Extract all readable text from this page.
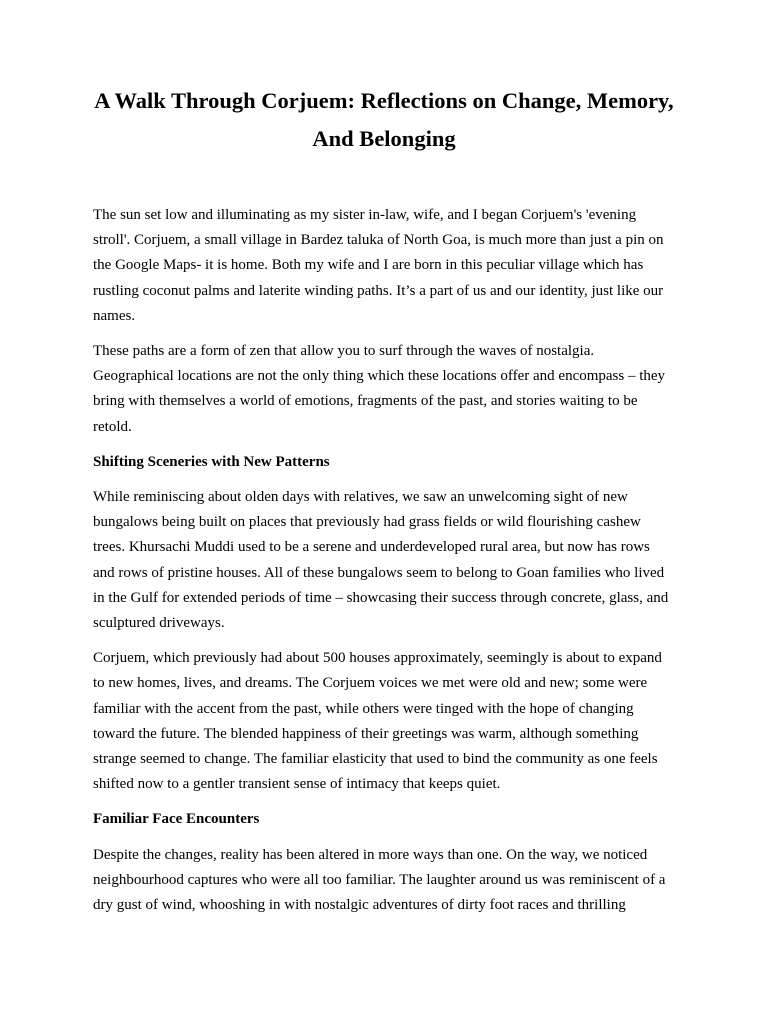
A Walk Through Corjuem: Reflections on Change, Memory, And Belonging

The sun set low and illuminating as my sister in-law, wife, and I began Corjuem's 'evening stroll'. Corjuem, a small village in Bardez taluka of North Goa, is much more than just a pin on the Google Maps- it is home. Both my wife and I are born in this peculiar village which has rustling coconut palms and laterite winding paths. It’s a part of us and our identity, just like our names.

These paths are a form of zen that allow you to surf through the waves of nostalgia. Geographical locations are not the only thing which these locations offer and encompass – they bring with themselves a world of emotions, fragments of the past, and stories waiting to be retold.

Shifting Sceneries with New Patterns

While reminiscing about olden days with relatives, we saw an unwelcoming sight of new bungalows being built on places that previously had grass fields or wild flourishing cashew trees. Khursachi Muddi used to be a serene and underdeveloped rural area, but now has rows and rows of pristine houses. All of these bungalows seem to belong to Goan families who lived in the Gulf for extended periods of time – showcasing their success through concrete, glass, and sculptured driveways.

Corjuem, which previously had about 500 houses approximately, seemingly is about to expand to new homes, lives, and dreams. The Corjuem voices we met were old and new; some were familiar with the accent from the past, while others were tinged with the hope of changing toward the future. The blended happiness of their greetings was warm, although something strange seemed to change. The familiar elasticity that used to bind the community as one feels shifted now to a gentler transient sense of intimacy that keeps quiet.

Familiar Face Encounters

Despite the changes, reality has been altered in more ways than one. On the way, we noticed neighbourhood captures who were all too familiar. The laughter around us was reminiscent of a dry gust of wind, whooshing in with nostalgic adventures of dirty foot races and thrilling
